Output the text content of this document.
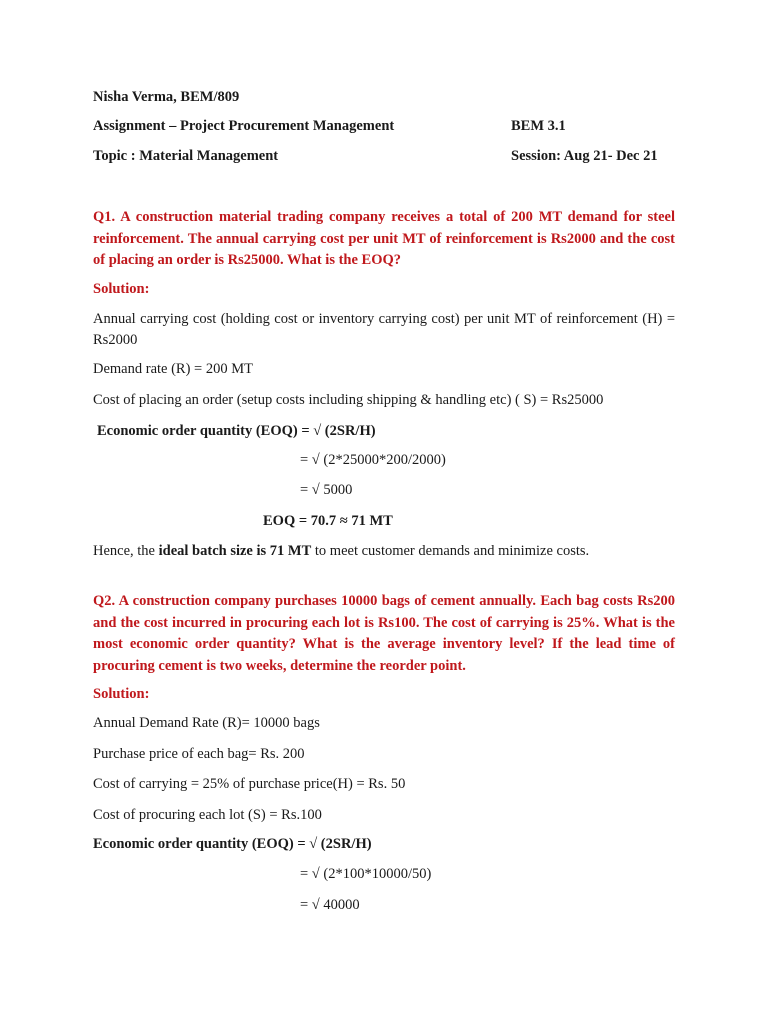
Nisha Verma, BEM/809
Assignment – Project Procurement Management	BEM 3.1
Topic : Material Management	Session: Aug 21- Dec 21
Q1. A construction material trading company receives a total of 200 MT demand for steel reinforcement. The annual carrying cost per unit MT of reinforcement is Rs2000 and the cost of placing an order is Rs25000. What is the EOQ?
Solution:
Annual carrying cost (holding cost or inventory carrying cost) per unit MT of reinforcement (H) = Rs2000
Demand rate (R) = 200 MT
Cost of placing an order (setup costs including shipping & handling etc) ( S) = Rs25000
Economic order quantity (EOQ) = √ (2SR/H)
= √ (2*25000*200/2000)
= √ 5000
EOQ = 70.7 ≈ 71 MT
Hence, the ideal batch size is 71 MT to meet customer demands and minimize costs.
Q2. A construction company purchases 10000 bags of cement annually. Each bag costs Rs200 and the cost incurred in procuring each lot is Rs100. The cost of carrying is 25%. What is the most economic order quantity? What is the average inventory level? If the lead time of procuring cement is two weeks, determine the reorder point.
Solution:
Annual Demand Rate (R)= 10000 bags
Purchase price of each bag= Rs. 200
Cost of carrying = 25% of purchase price(H) = Rs. 50
Cost of procuring each lot (S) = Rs.100
Economic order quantity (EOQ) = √ (2SR/H)
= √ (2*100*10000/50)
= √ 40000
